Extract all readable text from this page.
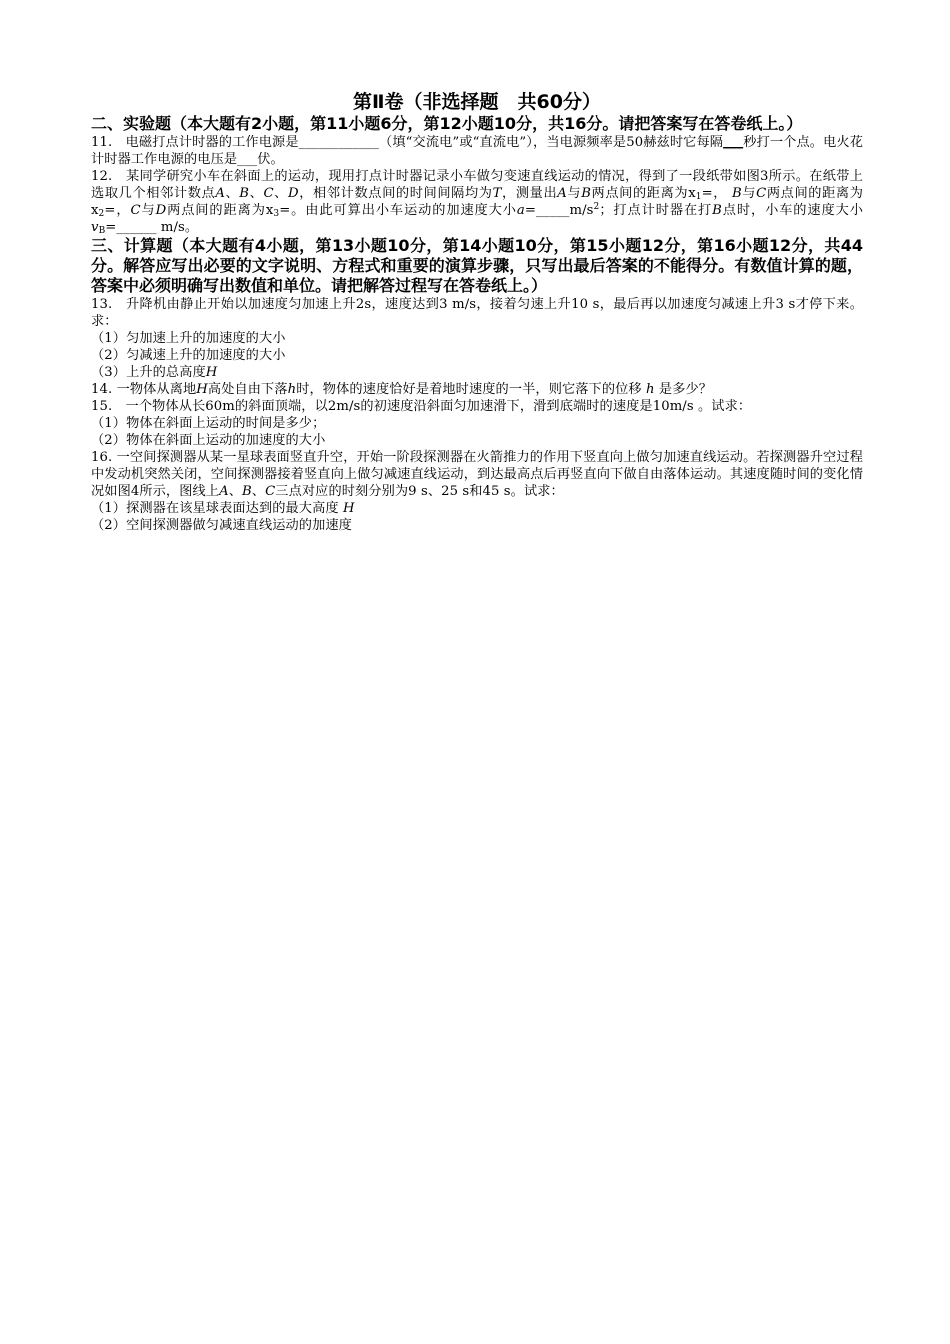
第Ⅱ卷（非选择题　共60分）

二、实验题（本大题有2小题，第11小题6分，第12小题10分，共16分。请把答案写在答卷纸上。）

11.　电磁打点计时器的工作电源是____________（填“交流电”或“直流电”），当电源频率是50赫兹时它每隔___秒打一个点。电火花计时器工作电源的电压是___伏。

12.　某同学研究小车在斜面上的运动，现用打点计时器记录小车做匀变速直线运动的情况，得到了一段纸带如图3所示。在纸带上选取几个相邻计数点A、B、C、D，相邻计数点间的时间间隔均为T，测量出A与B两点间的距离为$x_1=$， B与C两点间的距离为$x_2=$，C与D两点间的距离为$x_3=$。由此可算出小车运动的加速度大小$a=\_\_\_\_\_m/s^2$；打点计时器在打B点时，小车的速度大小$v_B=\_\_\_\_\_\_$ m/s。

三、计算题（本大题有4小题，第13小题10分，第14小题10分，第15小题12分，第16小题12分，共44分。解答应写出必要的文字说明、方程式和重要的演算步骤，只写出最后答案的不能得分。有数值计算的题，答案中必须明确写出数值和单位。请把解答过程写在答卷纸上。）

13.　升降机由静止开始以加速度匀加速上升2s，速度达到3 m/s，接着匀速上升10 s，最后再以加速度匀减速上升3 s才停下来。求：

（1）匀加速上升的加速度的大小

（2）匀减速上升的加速度的大小

（3）上升的总高度H

14. 一物体从离地H高处自由下落h时，物体的速度恰好是着地时速度的一半，则它落下的位移 h 是多少？

15.　一个物体从长60m的斜面顶端，以2m/s的初速度沿斜面匀加速滑下，滑到底端时的速度是10m/s 。试求：

（1）物体在斜面上运动的时间是多少；

（2）物体在斜面上运动的加速度的大小

16. 一空间探测器从某一星球表面竖直升空，开始一阶段探测器在火箭推力的作用下竖直向上做匀加速直线运动。若探测器升空过程中发动机突然关闭，空间探测器接着竖直向上做匀减速直线运动，到达最高点后再竖直向下做自由落体运动。其速度随时间的变化情况如图4所示，图线上A、B、C三点对应的时刻分别为9 s、25 s和45 s。试求：

（1）探测器在该星球表面达到的最大高度 H

（2）空间探测器做匀减速直线运动的加速度
